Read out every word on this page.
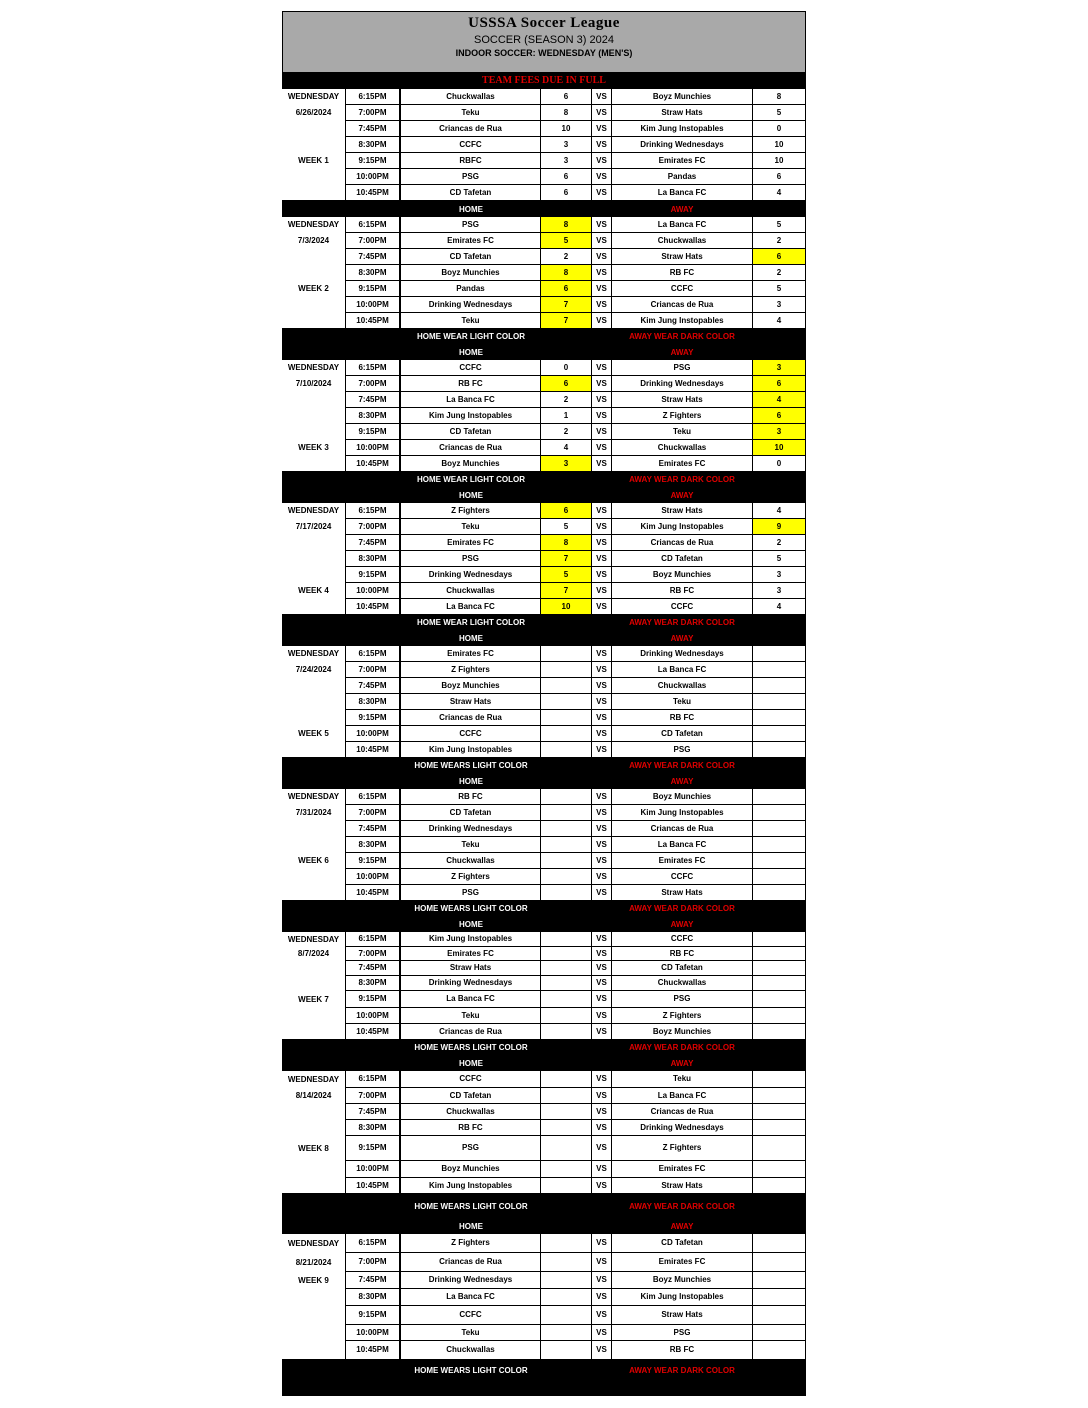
USSSA Soccer League
SOCCER (SEASON 3) 2024
INDOOR SOCCER: WEDNESDAY (MEN'S)
TEAM FEES DUE IN FULL
WEDNESDAY
6/26/2024
WEEK 1
6:15PM	Chuckwallas	6	VS	Boyz Munchies	8
7:00PM	Teku	8	VS	Straw Hats	5
7:45PM	Criancas de Rua	10	VS	Kim Jung Instopables	0
8:30PM	CCFC	3	VS	Drinking Wednesdays	10
9:15PM	RBFC	3	VS	Emirates FC	10
10:00PM	PSG	6	VS	Pandas	6
10:45PM	CD Tafetan	6	VS	La Banca FC	4
HOME	AWAY
WEDNESDAY
7/3/2024
WEEK 2
6:15PM	PSG	8	VS	La Banca FC	5
7:00PM	Emirates FC	5	VS	Chuckwallas	2
7:45PM	CD Tafetan	2	VS	Straw Hats	6
8:30PM	Boyz Munchies	8	VS	RB FC	2
9:15PM	Pandas	6	VS	CCFC	5
10:00PM	Drinking Wednesdays	7	VS	Criancas de Rua	3
10:45PM	Teku	7	VS	Kim Jung Instopables	4
HOME WEAR LIGHT COLOR	AWAY WEAR DARK COLOR
HOME	AWAY
WEDNESDAY
7/10/2024
WEEK 3
6:15PM	CCFC	0	VS	PSG	3
7:00PM	RB FC	6	VS	Drinking Wednesdays	6
7:45PM	La Banca FC	2	VS	Straw Hats	4
8:30PM	Kim Jung Instopables	1	VS	Z Fighters	6
9:15PM	CD Tafetan	2	VS	Teku	3
10:00PM	Criancas de Rua	4	VS	Chuckwallas	10
10:45PM	Boyz Munchies	3	VS	Emirates FC	0
HOME WEAR LIGHT COLOR	AWAY WEAR DARK COLOR
HOME	AWAY
WEDNESDAY
7/17/2024
WEEK 4
6:15PM	Z Fighters	6	VS	Straw Hats	4
7:00PM	Teku	5	VS	Kim Jung Instopables	9
7:45PM	Emirates FC	8	VS	Criancas de Rua	2
8:30PM	PSG	7	VS	CD Tafetan	5
9:15PM	Drinking Wednesdays	5	VS	Boyz Munchies	3
10:00PM	Chuckwallas	7	VS	RB FC	3
10:45PM	La Banca FC	10	VS	CCFC	4
HOME WEAR LIGHT COLOR	AWAY WEAR DARK COLOR
HOME	AWAY
WEDNESDAY
7/24/2024
WEEK 5
6:15PM	Emirates FC	VS	Drinking Wednesdays
7:00PM	Z Fighters	VS	La Banca FC
7:45PM	Boyz Munchies	VS	Chuckwallas
8:30PM	Straw Hats	VS	Teku
9:15PM	Criancas de Rua	VS	RB FC
10:00PM	CCFC	VS	CD Tafetan
10:45PM	Kim Jung Instopables	VS	PSG
HOME WEARS LIGHT COLOR	AWAY WEAR DARK COLOR
HOME	AWAY
WEDNESDAY
7/31/2024
WEEK 6
6:15PM	RB FC	VS	Boyz Munchies
7:00PM	CD Tafetan	VS	Kim Jung Instopables
7:45PM	Drinking Wednesdays	VS	Criancas de Rua
8:30PM	Teku	VS	La Banca FC
9:15PM	Chuckwallas	VS	Emirates FC
10:00PM	Z Fighters	VS	CCFC
10:45PM	PSG	VS	Straw Hats
HOME WEARS LIGHT COLOR	AWAY WEAR DARK COLOR
HOME	AWAY
WEDNESDAY
8/7/2024
WEEK 7
6:15PM	Kim Jung Instopables	VS	CCFC
7:00PM	Emirates FC	VS	RB FC
7:45PM	Straw Hats	VS	CD Tafetan
8:30PM	Drinking Wednesdays	VS	Chuckwallas
9:15PM	La Banca FC	VS	PSG
10:00PM	Teku	VS	Z Fighters
10:45PM	Criancas de Rua	VS	Boyz Munchies
HOME WEARS LIGHT COLOR	AWAY WEAR DARK COLOR
HOME	AWAY
WEDNESDAY
8/14/2024
WEEK 8
6:15PM	CCFC	VS	Teku
7:00PM	CD Tafetan	VS	La Banca FC
7:45PM	Chuckwallas	VS	Criancas de Rua
8:30PM	RB FC	VS	Drinking Wednesdays
9:15PM	PSG	VS	Z Fighters
10:00PM	Boyz Munchies	VS	Emirates FC
10:45PM	Kim Jung Instopables	VS	Straw Hats
HOME WEARS LIGHT COLOR	AWAY WEAR DARK COLOR
HOME	AWAY
WEDNESDAY
8/21/2024
WEEK 9
6:15PM	Z Fighters	VS	CD Tafetan
7:00PM	Criancas de Rua	VS	Emirates FC
7:45PM	Drinking Wednesdays	VS	Boyz Munchies
8:30PM	La Banca FC	VS	Kim Jung Instopables
9:15PM	CCFC	VS	Straw Hats
10:00PM	Teku	VS	PSG
10:45PM	Chuckwallas	VS	RB FC
HOME WEARS LIGHT COLOR	AWAY WEAR DARK COLOR
